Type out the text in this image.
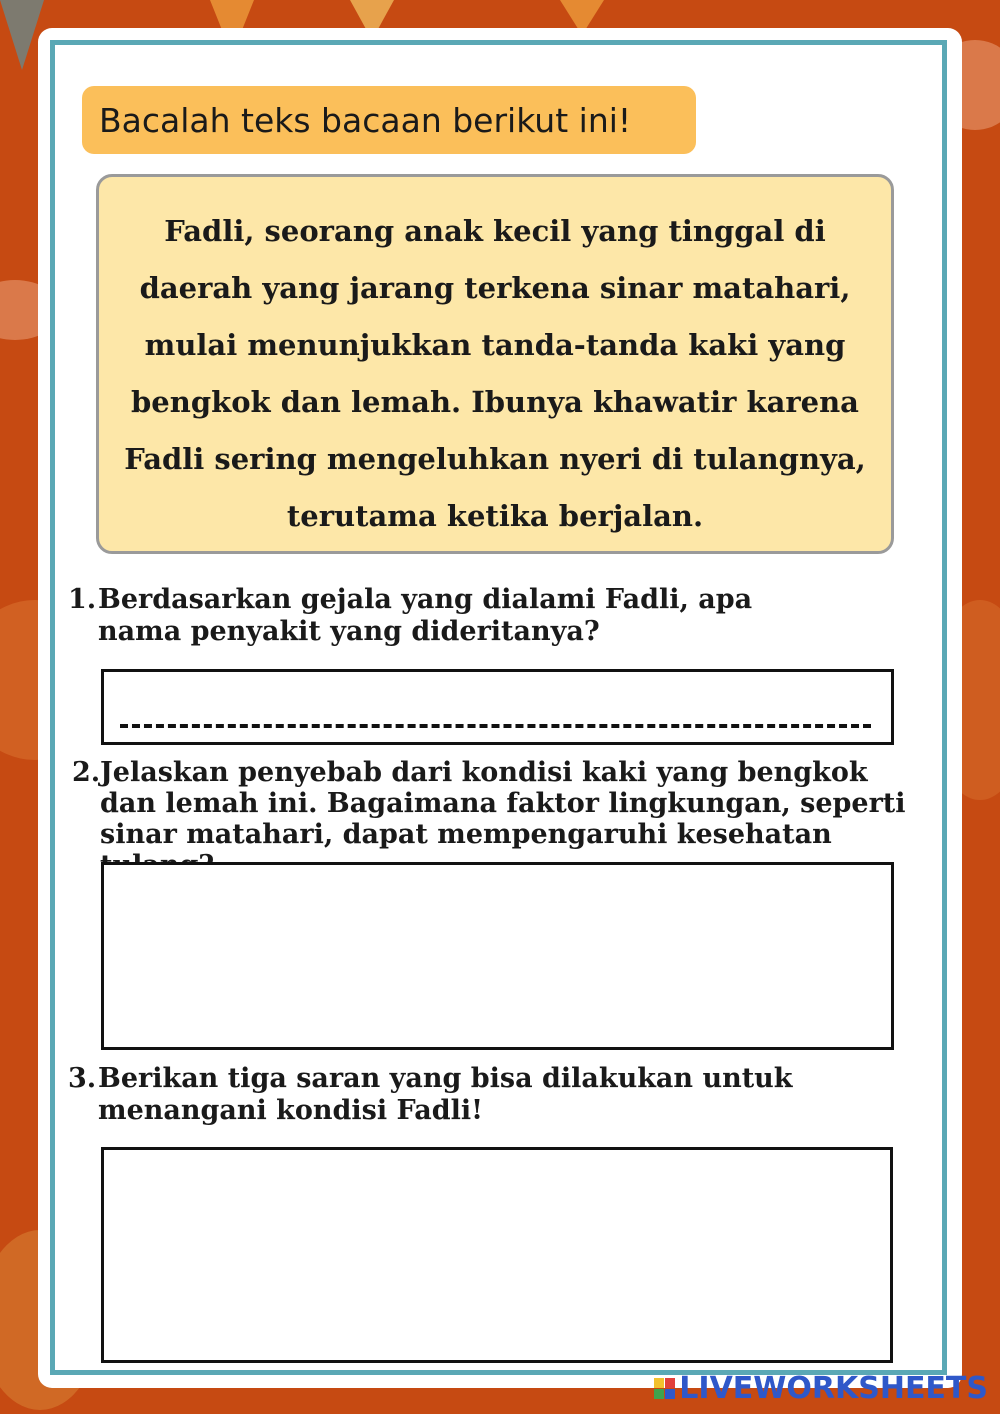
Bacalah teks bacaan berikut ini!
Fadli, seorang anak kecil yang tinggal di daerah yang jarang terkena sinar matahari, mulai menunjukkan tanda-tanda kaki yang bengkok dan lemah. Ibunya khawatir karena Fadli sering mengeluhkan nyeri di tulangnya, terutama ketika berjalan.
1. Berdasarkan gejala yang dialami Fadli, apa nama penyakit yang dideritanya?
2. Jelaskan penyebab dari kondisi kaki yang bengkok dan lemah ini. Bagaimana faktor lingkungan, seperti sinar matahari, dapat mempengaruhi kesehatan
3. Berikan tiga saran yang bisa dilakukan untuk menangani kondisi Fadli!
LIVEWORKSHEETS
